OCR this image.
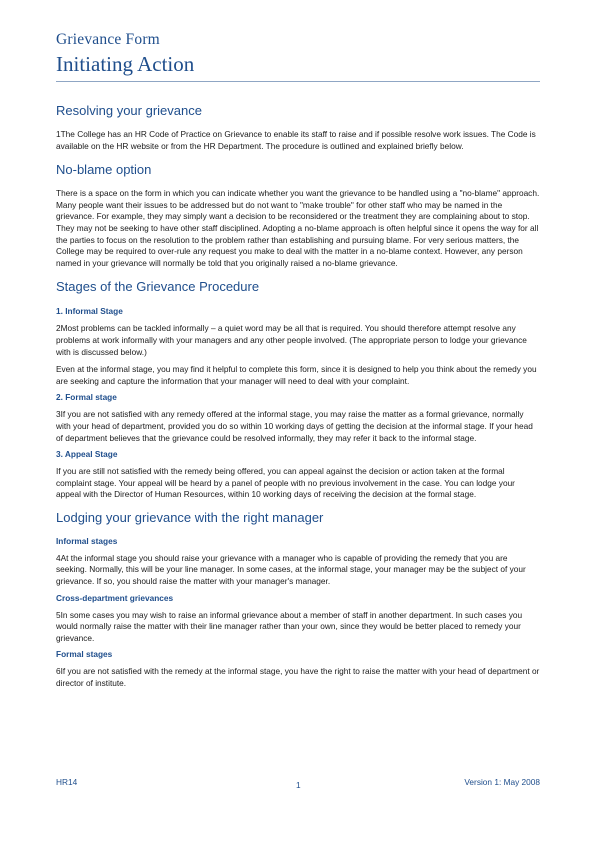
Grievance Form
Initiating Action
Resolving your grievance

1The College has an HR Code of Practice on Grievance to enable its staff to raise and if possible resolve work issues. The Code is available on the HR website or from the HR Department. The procedure is outlined and explained briefly below.

No-blame option

There is a space on the form in which you can indicate whether you want the grievance to be handled using a "no-blame" approach. Many people want their issues to be addressed but do not want to "make trouble" for other staff who may be named in the grievance. For example, they may simply want a decision to be reconsidered or the treatment they are complaining about to stop. They may not be seeking to have other staff disciplined. Adopting a no-blame approach is often helpful since it opens the way for all the parties to focus on the resolution to the problem rather than establishing and pursuing blame. For very serious matters, the College may be required to over-rule any request you make to deal with the matter in a no-blame context. However, any person named in your grievance will normally be told that you originally raised a no-blame grievance.

Stages of the Grievance Procedure
1. Informal Stage

2Most problems can be tackled informally – a quiet word may be all that is required. You should therefore attempt resolve any problems at work informally with your managers and any other people involved. (The appropriate person to lodge your grievance with is discussed below.)

Even at the informal stage, you may find it helpful to complete this form, since it is designed to help you think about the remedy you are seeking and capture the information that your manager will need to deal with your complaint.

2. Formal stage

3If you are not satisfied with any remedy offered at the informal stage, you may raise the matter as a formal grievance, normally with your head of department, provided you do so within 10 working days of getting the decision at the informal stage. If your head of department believes that the grievance could be resolved informally, they may refer it back to the informal stage.

3. Appeal Stage

If you are still not satisfied with the remedy being offered, you can appeal against the decision or action taken at the formal complaint stage. Your appeal will be heard by a panel of people with no previous involvement in the case. You can lodge your appeal with the Director of Human Resources, within 10 working days of receiving the decision at the formal stage.

Lodging your grievance with the right manager
Informal stages

4At the informal stage you should raise your grievance with a manager who is capable of providing the remedy that you are seeking. Normally, this will be your line manager. In some cases, at the informal stage, your manager may be the subject of your grievance. If so, you should raise the matter with your manager's manager.

Cross-department grievances

5In some cases you may wish to raise an informal grievance about a member of staff in another department. In such cases you would normally raise the matter with their line manager rather than your own, since they would be better placed to remedy your grievance.

Formal stages

6If you are not satisfied with the remedy at the informal stage, you have the right to raise the matter with your head of department or director of institute.

HR14	1	Version 1: May 2008
